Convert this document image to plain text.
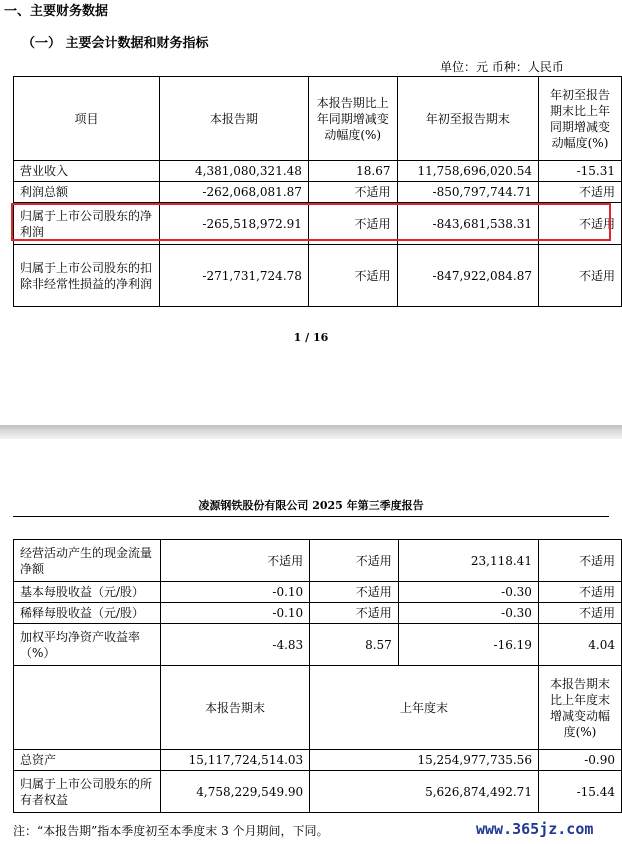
一、主要财务数据
（一） 主要会计数据和财务指标
单位：元 币种：人民币
项目	本报告期	本报告期比上年同期增减变动幅度(%)	年初至报告期末	年初至报告期末比上年同期增减变动幅度(%)
营业收入	4,381,080,321.48	18.67	11,758,696,020.54	-15.31
利润总额	-262,068,081.87	不适用	-850,797,744.71	不适用
归属于上市公司股东的净利润	-265,518,972.91	不适用	-843,681,538.31	不适用
归属于上市公司股东的扣除非经常性损益的净利润	-271,731,724.78	不适用	-847,922,084.87	不适用
1 / 16
凌源钢铁股份有限公司 2025 年第三季度报告
经营活动产生的现金流量净额	不适用	不适用	23,118.41	不适用
基本每股收益（元/股）	-0.10	不适用	-0.30	不适用
稀释每股收益（元/股）	-0.10	不适用	-0.30	不适用
加权平均净资产收益率（%）	-4.83	8.57	-16.19	4.04
	本报告期末	上年度末		本报告期末比上年度末增减变动幅度(%)
总资产	15,117,724,514.03	15,254,977,735.56		-0.90
归属于上市公司股东的所有者权益	4,758,229,549.90	5,626,874,492.71		-15.44
注：“本报告期”指本季度初至本季度末 3 个月期间，下同。	www.365jz.com
